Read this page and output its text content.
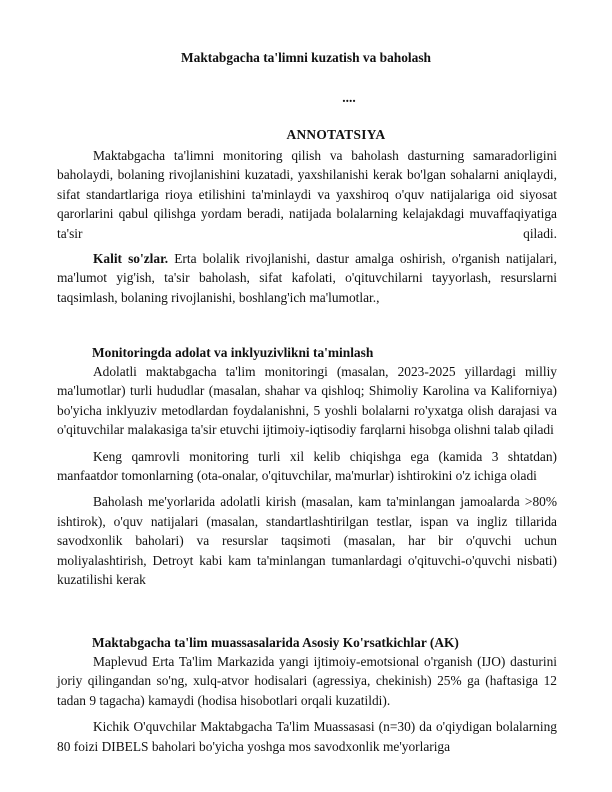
Maktabgacha ta'limni kuzatish va baholash
....
ANNOTATSIYA

Maktabgacha ta'limni monitoring qilish va baholash dasturning samaradorligini baholaydi, bolaning rivojlanishini kuzatadi, yaxshilanishi kerak bo'lgan sohalarni aniqlaydi, sifat standartlariga rioya etilishini ta'minlaydi va yaxshiroq o'quv natijalariga oid siyosat qarorlarini qabul qilishga yordam beradi, natijada bolalarning kelajakdagi muvaffaqiyatiga ta'sir qiladi.

Kalit so'zlar. Erta bolalik rivojlanishi, dastur amalga oshirish, o'rganish natijalari, ma'lumot yig'ish, ta'sir baholash, sifat kafolati, o'qituvchilarni tayyorlash, resurslarni taqsimlash, bolaning rivojlanishi, boshlang'ich ma'lumotlar.,

Monitoringda adolat va inklyuzivlikni ta'minlash

Adolatli maktabgacha ta'lim monitoringi (masalan, 2023-2025 yillardagi milliy ma'lumotlar) turli hududlar (masalan, shahar va qishloq; Shimoliy Karolina va Kaliforniya) bo'yicha inklyuziv metodlardan foydalanishni, 5 yoshli bolalarni ro'yxatga olish darajasi va o'qituvchilar malakasiga ta'sir etuvchi ijtimoiy-iqtisodiy farqlarni hisobga olishni talab qiladi

Keng qamrovli monitoring turli xil kelib chiqishga ega (kamida 3 shtatdan) manfaatdor tomonlarning (ota-onalar, o'qituvchilar, ma'murlar) ishtirokini o'z ichiga oladi

Baholash me'yorlarida adolatli kirish (masalan, kam ta'minlangan jamoalarda >80% ishtirok), o'quv natijalari (masalan, standartlashtirilgan testlar, ispan va ingliz tillarida savodxonlik baholari) va resurslar taqsimoti (masalan, har bir o'quvchi uchun moliyalashtirish, Detroyt kabi kam ta'minlangan tumanlardagi o'qituvchi-o'quvchi nisbati) kuzatilishi kerak

Maktabgacha ta'lim muassasalarida Asosiy Ko'rsatkichlar (AK)

Maplevud Erta Ta'lim Markazida yangi ijtimoiy-emotsional o'rganish (IJO) dasturini joriy qilingandan so'ng, xulq-atvor hodisalari (agressiya, chekinish) 25% ga (haftasiga 12 tadan 9 tagacha) kamaydi (hodisa hisobotlari orqali kuzatildi).

Kichik O'quvchilar Maktabgacha Ta'lim Muassasasi (n=30) da o'qiydigan bolalarning 80 foizi DIBELS baholari bo'yicha yoshga mos savodxonlik me'yorlariga
